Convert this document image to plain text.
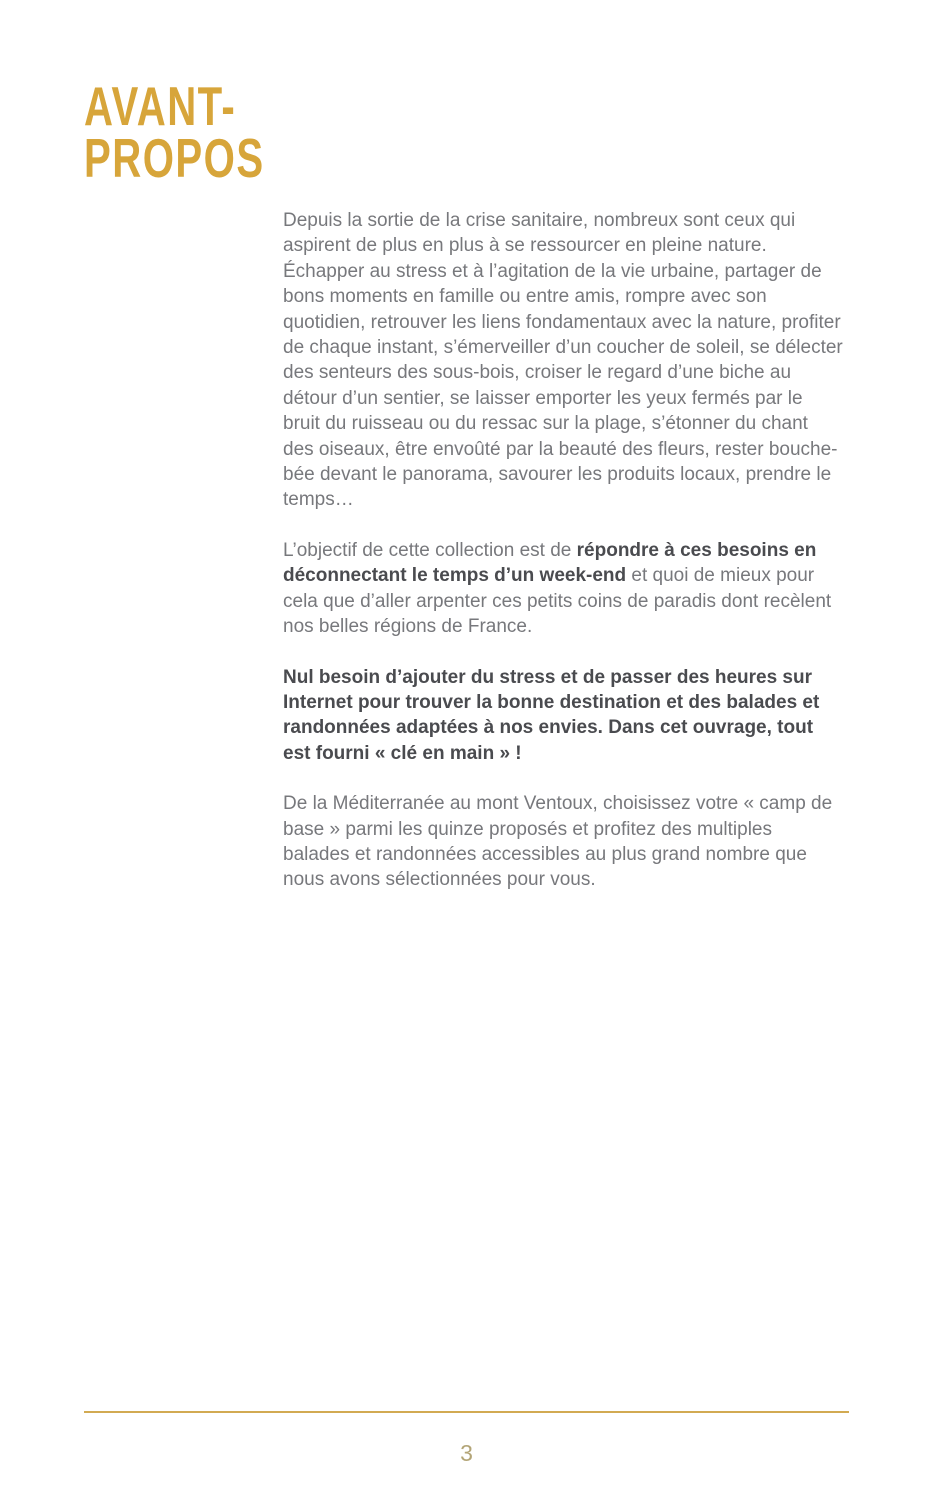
AVANT-
PROPOS

Depuis la sortie de la crise sanitaire, nombreux sont ceux qui aspirent de plus en plus à se ressourcer en pleine nature. Échapper au stress et à l’agitation de la vie urbaine, partager de bons moments en famille ou entre amis, rompre avec son quotidien, retrouver les liens fondamentaux avec la nature, profiter de chaque instant, s’émerveiller d’un coucher de soleil, se délecter des senteurs des sous-bois, croiser le regard d’une biche au détour d’un sentier, se laisser emporter les yeux fermés par le bruit du ruisseau ou du ressac sur la plage, s’étonner du chant des oiseaux, être envoûté par la beauté des fleurs, rester bouche-bée devant le panorama, savourer les produits locaux, prendre le temps…

L’objectif de cette collection est de répondre à ces besoins en déconnectant le temps d’un week-end et quoi de mieux pour cela que d’aller arpenter ces petits coins de paradis dont recèlent nos belles régions de France.

Nul besoin d’ajouter du stress et de passer des heures sur Internet pour trouver la bonne destination et des balades et randonnées adaptées à nos envies. Dans cet ouvrage, tout est fourni « clé en main » !

De la Méditerranée au mont Ventoux, choisissez votre « camp de base » parmi les quinze proposés et profitez des multiples balades et randonnées accessibles au plus grand nombre que nous avons sélectionnées pour vous.

3
